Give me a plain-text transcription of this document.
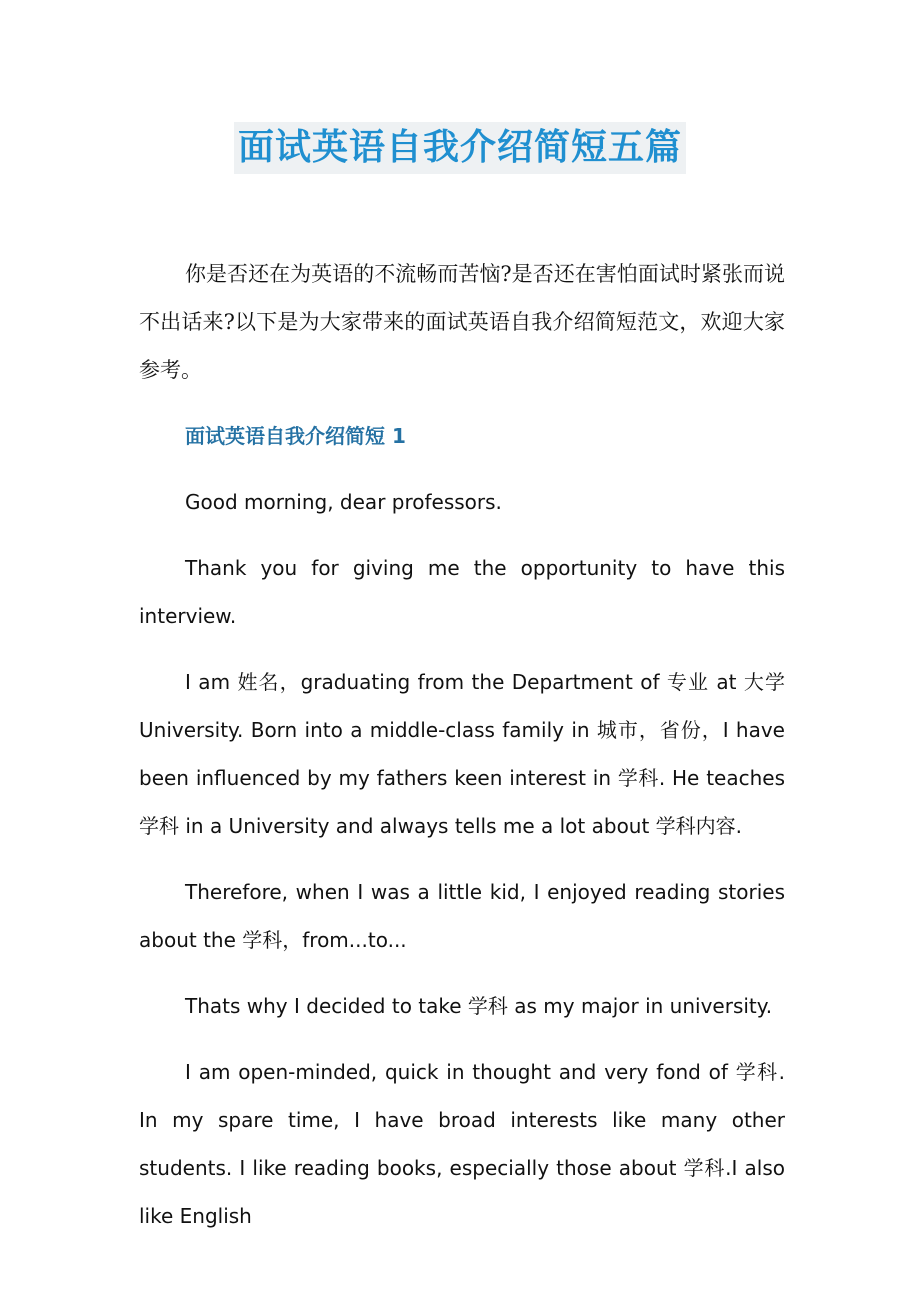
面试英语自我介绍简短五篇

你是否还在为英语的不流畅而苦恼?是否还在害怕面试时紧张而说不出话来?以下是为大家带来的面试英语自我介绍简短范文，欢迎大家参考。

面试英语自我介绍简短 1

Good morning, dear professors.

Thank you for giving me the opportunity to have this interview.

I am 姓名，graduating from the Department of 专业 at 大学 University. Born into a middle-class family in 城市，省份，I have been influenced by my fathers keen interest in 学科. He teaches 学科 in a University and always tells me a lot about 学科内容.

Therefore, when I was a little kid, I enjoyed reading stories about the 学科，from...to...

Thats why I decided to take 学科 as my major in university.

I am open-minded, quick in thought and very fond of 学科. In my spare time, I have broad interests like many other students. I like reading books, especially those about 学科.I also like English
